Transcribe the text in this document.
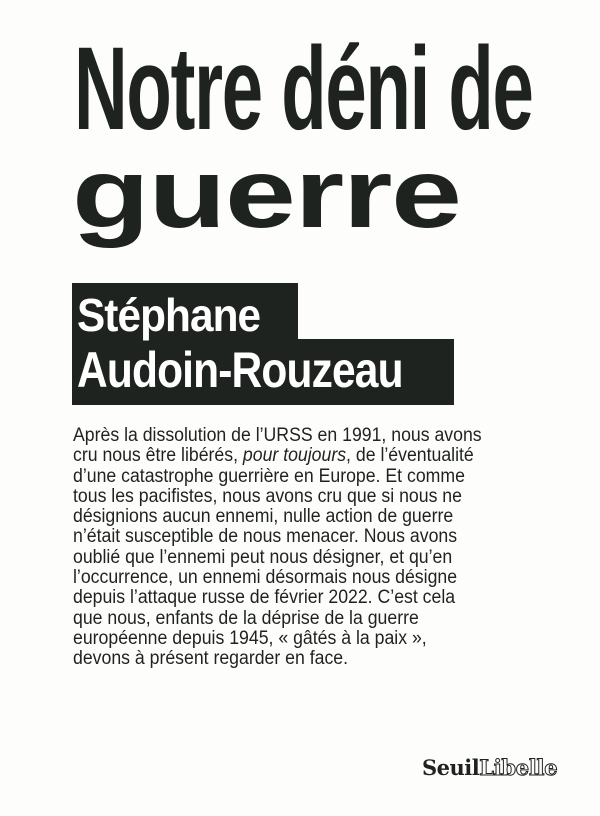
Notre déni de
guerre
Stéphane
Audoin-Rouzeau

Après la dissolution de l’URSS en 1991, nous avons
cru nous être libérés, pour toujours, de l’éventualité
d’une catastrophe guerrière en Europe. Et comme
tous les pacifistes, nous avons cru que si nous ne
désignions aucun ennemi, nulle action de guerre
n’était susceptible de nous menacer. Nous avons
oublié que l’ennemi peut nous désigner, et qu’en
l’occurrence, un ennemi désormais nous désigne
depuis l’attaque russe de février 2022. C’est cela
que nous, enfants de la déprise de la guerre
européenne depuis 1945, « gâtés à la paix »,
devons à présent regarder en face.

Seuil Libelle
